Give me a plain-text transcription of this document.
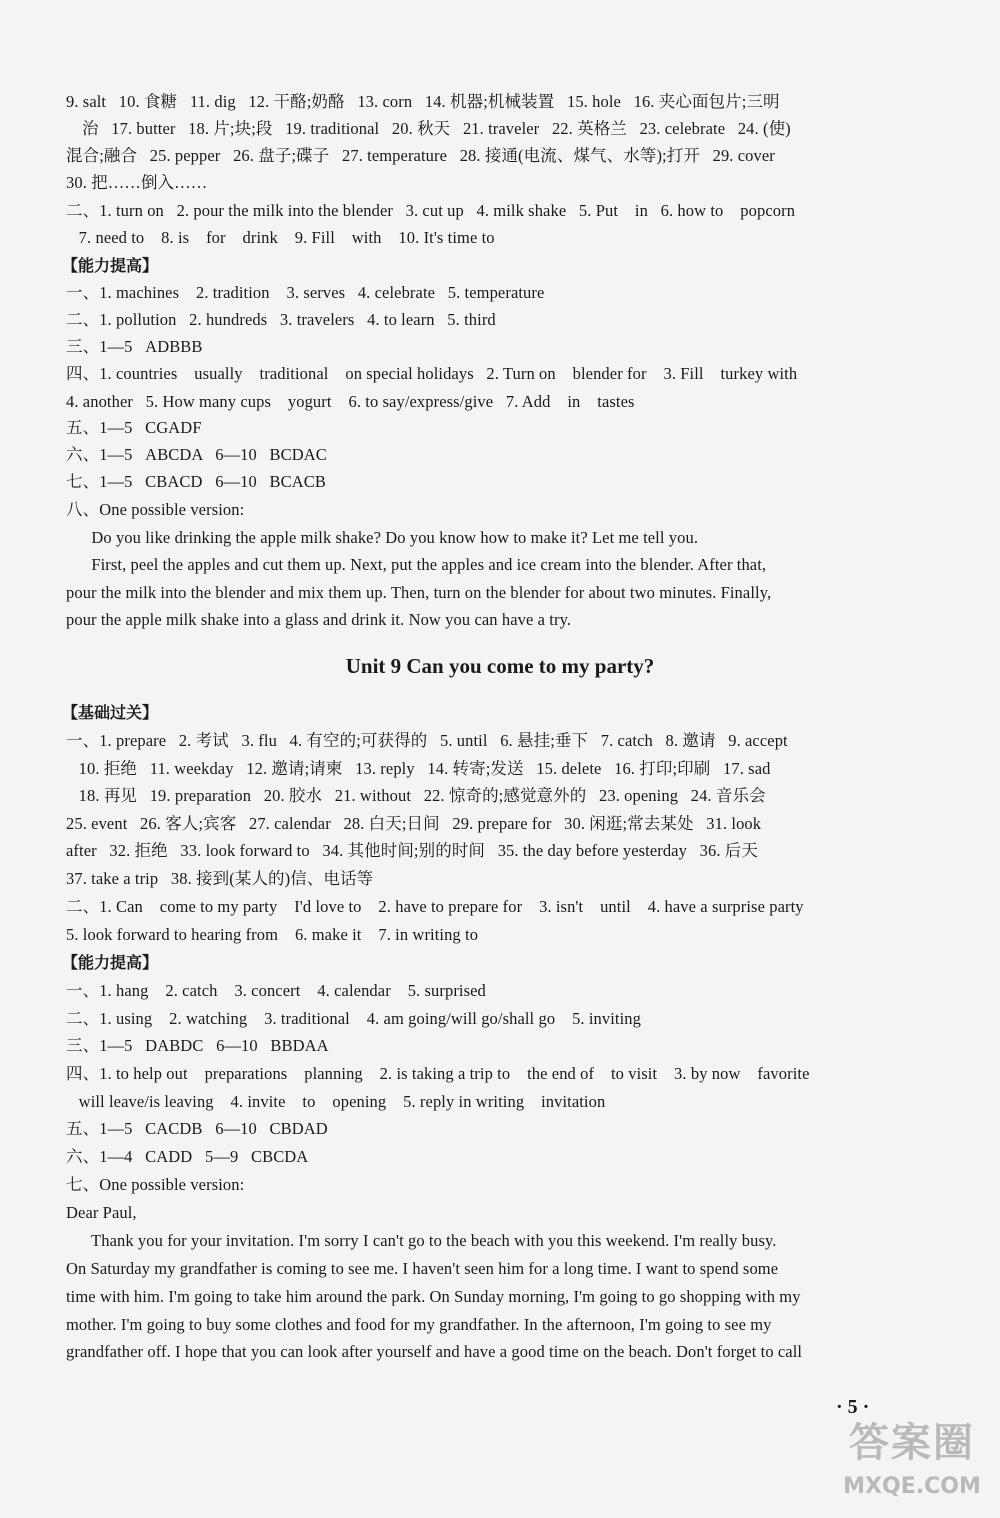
9. salt   10. 食糖   11. dig   12. 干酪;奶酪   13. corn   14. 机器;机械装置   15. hole   16. 夹心面包片;三明
治   17. butter   18. 片;块;段   19. traditional   20. 秋天   21. traveler   22. 英格兰   23. celebrate   24. (使)
混合;融合   25. pepper   26. 盘子;碟子   27. temperature   28. 接通(电流、煤气、水等);打开   29. cover
30. 把……倒入……
二、1. turn on   2. pour the milk into the blender   3. cut up   4. milk shake   5. Put    in   6. how to    popcorn
7. need to    8. is    for    drink    9. Fill    with    10. It's time to
【能力提高】
一、1. machines    2. tradition    3. serves   4. celebrate   5. temperature
二、1. pollution   2. hundreds   3. travelers   4. to learn   5. third
三、1—5   ADBBB
四、1. countries    usually    traditional    on special holidays   2. Turn on    blender for    3. Fill    turkey with
4. another   5. How many cups    yogurt    6. to say/express/give   7. Add    in    tastes
五、1—5   CGADF
六、1—5   ABCDA   6—10   BCDAC
七、1—5   CBACD   6—10   BCACB
八、One possible version:
Do you like drinking the apple milk shake? Do you know how to make it? Let me tell you.
First, peel the apples and cut them up. Next, put the apples and ice cream into the blender. After that,
pour the milk into the blender and mix them up. Then, turn on the blender for about two minutes. Finally,
pour the apple milk shake into a glass and drink it. Now you can have a try.
Unit 9 Can you come to my party?
【基础过关】
一、1. prepare   2. 考试   3. flu   4. 有空的;可获得的   5. until   6. 悬挂;垂下   7. catch   8. 邀请   9. accept
10. 拒绝   11. weekday   12. 邀请;请柬   13. reply   14. 转寄;发送   15. delete   16. 打印;印刷   17. sad
18. 再见   19. preparation   20. 胶水   21. without   22. 惊奇的;感觉意外的   23. opening   24. 音乐会
25. event   26. 客人;宾客   27. calendar   28. 白天;日间   29. prepare for   30. 闲逛;常去某处   31. look
after   32. 拒绝   33. look forward to   34. 其他时间;别的时间   35. the day before yesterday   36. 后天
37. take a trip   38. 接到(某人的)信、电话等
二、1. Can    come to my party    I'd love to    2. have to prepare for    3. isn't    until    4. have a surprise party
5. look forward to hearing from    6. make it    7. in writing to
【能力提高】
一、1. hang    2. catch    3. concert    4. calendar    5. surprised
二、1. using    2. watching    3. traditional    4. am going/will go/shall go    5. inviting
三、1—5   DABDC   6—10   BBDAA
四、1. to help out    preparations    planning    2. is taking a trip to    the end of    to visit    3. by now    favorite
will leave/is leaving    4. invite    to    opening    5. reply in writing    invitation
五、1—5   CACDB   6—10   CBDAD
六、1—4   CADD   5—9   CBCDA
七、One possible version:
Dear Paul,
Thank you for your invitation. I'm sorry I can't go to the beach with you this weekend. I'm really busy.
On Saturday my grandfather is coming to see me. I haven't seen him for a long time. I want to spend some
time with him. I'm going to take him around the park. On Sunday morning, I'm going to go shopping with my
mother. I'm going to buy some clothes and food for my grandfather. In the afternoon, I'm going to see my
grandfather off. I hope that you can look after yourself and have a good time on the beach. Don't forget to call
· 5 ·
答案圈
MXQE.COM
